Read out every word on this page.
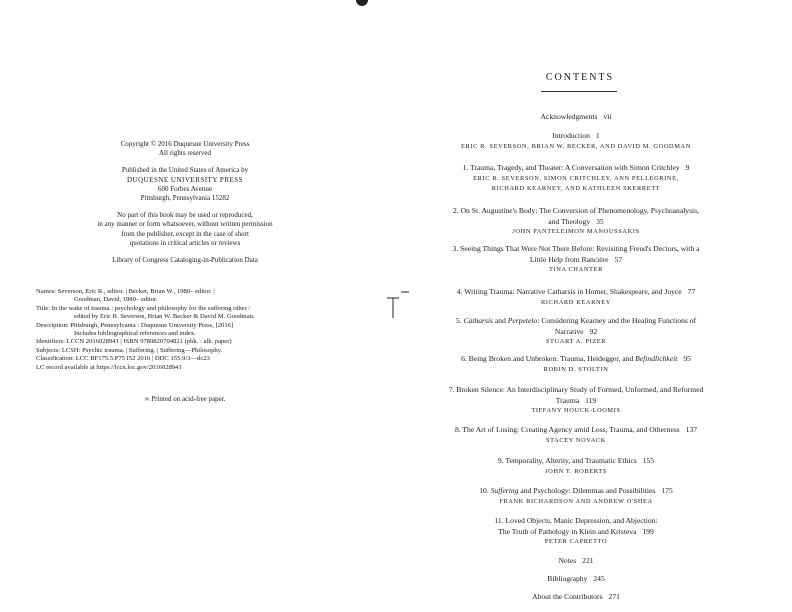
Copyright © 2016 Duquesne University Press

All rights reserved

Published in the United States of America by

DUQUESNE UNIVERSITY PRESS

600 Forbes Avenue

Pittsburgh, Pennsylvania 15282

No part of this book may be used or reproduced,

in any manner or form whatsoever, without written permission

from the publisher, except in the case of short

quotations in critical articles or reviews

Library of Congress Cataloging-in-Publication Data

Names: Severson, Eric R., editor. | Becker, Brian W., 1980– editor. |

Goodman, David, 1980– editor.

Title: In the wake of trauma : psychology and philosophy for the suffering other /

edited by Eric R. Severson, Brian W. Becker & David M. Goodman.

Description: Pittsburgh, Pennsylvania : Duquesne University Press, [2016]

Includes bibliographical references and index.

Identifiers: LCCN 2016028941 | ISBN 9780820704821 (pbk. : alk. paper)

Subjects: LCSH: Psychic trauma. | Suffering. | Suffering—Philosophy.

Classification: LCC BF175.5.P75 I52 2016 | DDC 155.9/3—dc23

LC record available at https://lccn.loc.gov/2016028941

∞ Printed on acid-free paper.
CONTENTS
Acknowledgments vii
Introduction 1
ERIC R. SEVERSON, BRIAN W. BECKER, AND DAVID M. GOODMAN
1. Trauma, Tragedy, and Theater: A Conversation with Simon Critchley 9
ERIC R. SEVERSON, SIMON CRITCHLEY, ANN PELLEGRINE,
RICHARD KEARNEY, AND KATHLEEN SKERRETT
2. On St. Augustine's Body: The Conversion of Phenomenology, Psychoanalysis,
and Theology 35
JOHN PANTELEIMON MANOUSSAKIS
3. Seeing Things That Were Not There Before: Revisiting Freud's Dectors, with a
Little Help from Rancière 57
TINA CHANTER
4. Writing Trauma: Narrative Catharsis in Homer, Shakespeare, and Joyce 77
RICHARD KEARNEY
5. Catharsis and Perpetelo: Considering Kearney and the Healing Functions of
Narrative 92
STUART A. PIZER
6. Being Broken and Unbroken: Trauma, Heidegger, and Befindlichkeit 95
ROBIN D. STOLTIN
7. Broken Silence: An Interdisciplinary Study of Formed, Unformed, and Reformed
Trauma 119
TIFFANY HOUCK-LOOMIS
8. The Art of Losing: Creating Agency amid Loss, Trauma, and Otherness 137
STACEY NOVACK
9. Temporality, Alterity, and Traumatic Ethics 155
JOHN T. ROBERTS
10. Suffering and Psychology: Dilemmas and Possibilities 175
FRANK RICHARDSON AND ANDREW O'SHEA
11. Loved Objects, Manic Depression, and Abjection:
The Truth of Pathology in Klein and Kristeva 199
PETER CAPRETTO
Notes 221
Bibliography 245
About the Contributors 271
